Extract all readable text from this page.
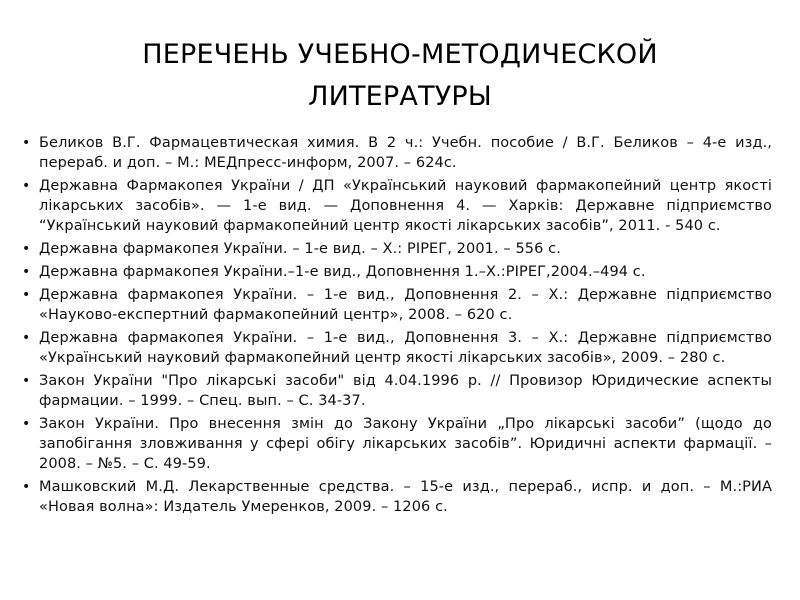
ПЕРЕЧЕНЬ УЧЕБНО-МЕТОДИЧЕСКОЙ
ЛИТЕРАТУРЫ
• Беликов В.Г. Фармацевтическая химия. В 2 ч.: Учебн. пособие / В.Г. Беликов – 4-е изд., перераб. и доп. – М.: МЕДпресс-информ, 2007. – 624с.
• Державна Фармакопея України / ДП «Український науковий фармакопейний центр якості лікарських засобів». — 1-е вид. — Доповнення 4. — Харків: Державне підприємство “Український науковий фармакопейний центр якості лікарських засобів”, 2011. - 540 с.
• Державна фармакопея України. – 1-е вид. – Х.: РІРЕГ, 2001. – 556 с.
• Державна фармакопея України.–1-е вид., Доповнення 1.–Х.:РІРЕГ,2004.–494 с.
• Державна фармакопея України. – 1-е вид., Доповнення 2. – Х.: Державне підприємство «Науково-експертний фармакопейний центр», 2008. – 620 с.
• Державна фармакопея України. – 1-е вид., Доповнення 3. – Х.: Державне підприємство «Український науковий фармакопейний центр якості лікарських засобів», 2009. – 280 с.
• Закон України "Про лікарські засоби" від 4.04.1996 р. // Провизор Юридические аспекты фармации. – 1999. – Спец. вып. – С. 34-37.
• Закон України. Про внесення змін до Закону України „Про лікарські засоби” (щодо до запобігання зловживання у сфері обігу лікарських засобів”. Юридичні аспекти фармації. – 2008. – №5. – С. 49-59.
• Машковский М.Д. Лекарственные средства. – 15-е изд., перераб., испр. и доп. – М.:РИА «Новая волна»: Издатель Умеренков, 2009. – 1206 с.
